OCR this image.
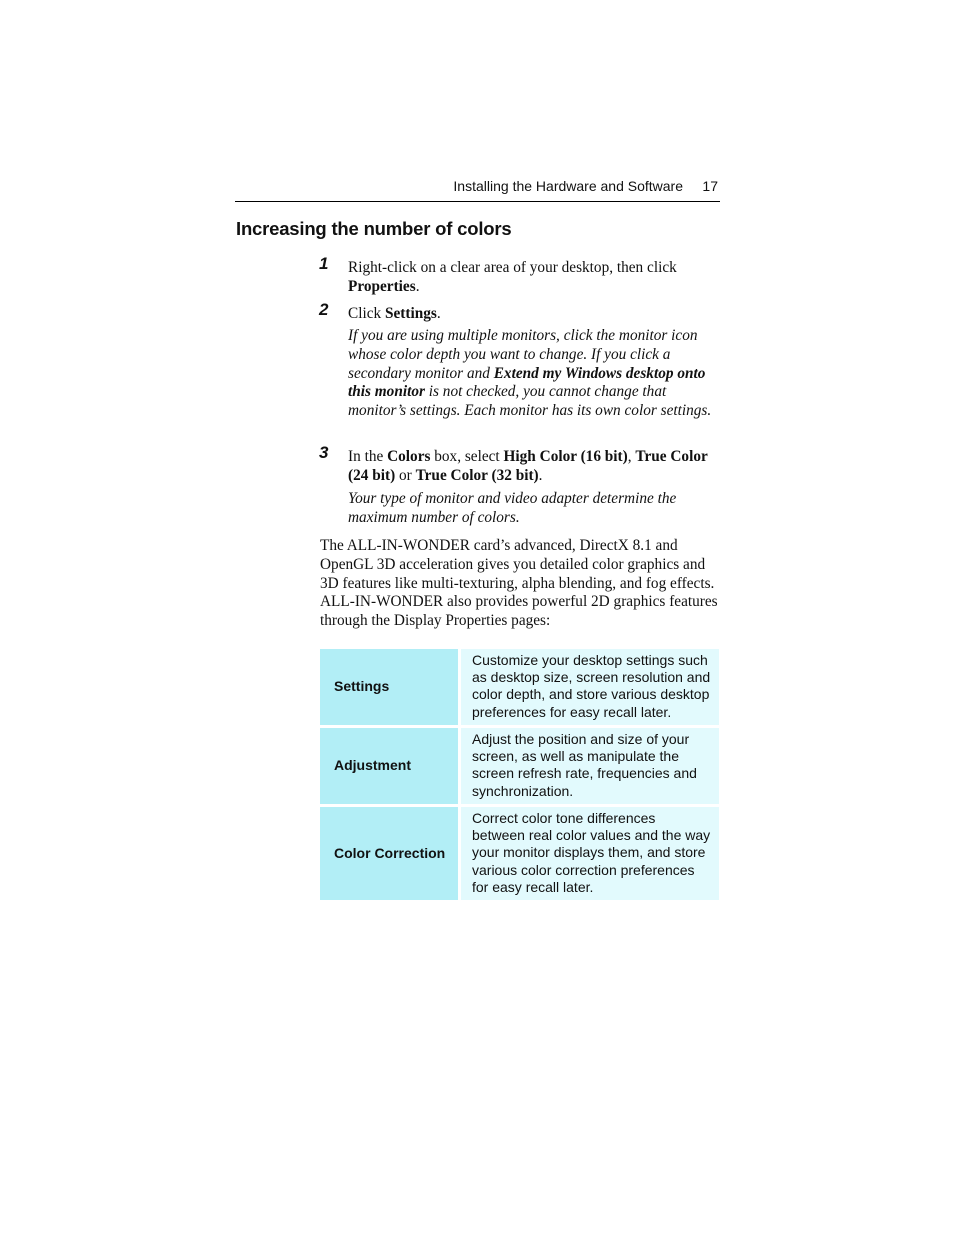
Installing the Hardware and Software 17
Increasing the number of colors
1 Right-click on a clear area of your desktop, then click Properties.
2 Click Settings.
If you are using multiple monitors, click the monitor icon whose color depth you want to change. If you click a secondary monitor and Extend my Windows desktop onto this monitor is not checked, you cannot change that monitor’s settings. Each monitor has its own color settings.
3 In the Colors box, select High Color (16 bit), True Color (24 bit) or True Color (32 bit).
Your type of monitor and video adapter determine the maximum number of colors.
The ALL-IN-WONDER card’s advanced, DirectX 8.1 and OpenGL 3D acceleration gives you detailed color graphics and 3D features like multi-texturing, alpha blending, and fog effects. ALL-IN-WONDER also provides powerful 2D graphics features through the Display Properties pages:
Settings	Customize your desktop settings such as desktop size, screen resolution and color depth, and store various desktop preferences for easy recall later.
Adjustment	Adjust the position and size of your screen, as well as manipulate the screen refresh rate, frequencies and synchronization.
Color Correction	Correct color tone differences between real color values and the way your monitor displays them, and store various color correction preferences for easy recall later.
